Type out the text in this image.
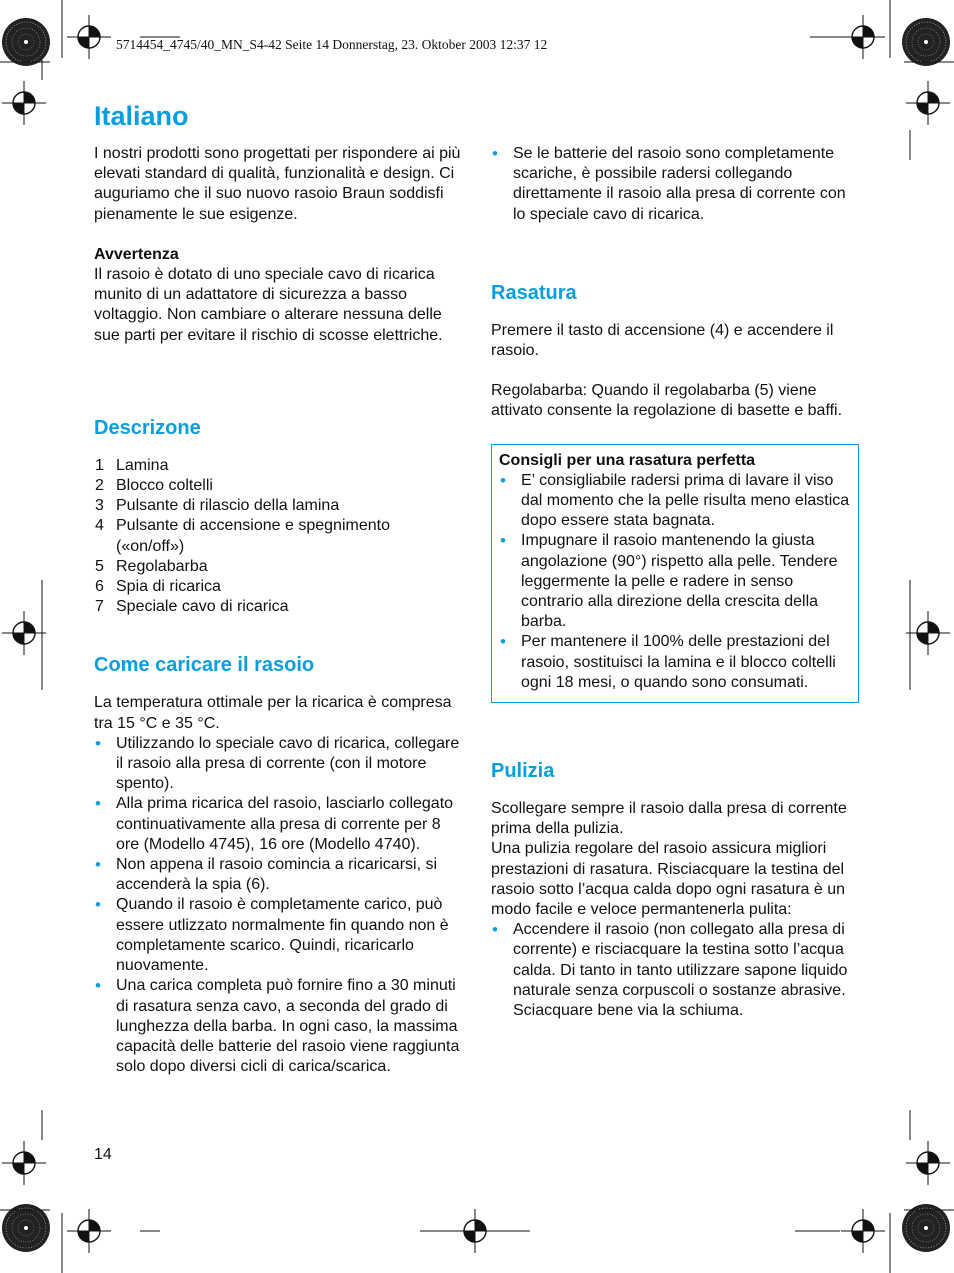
5714454_4745/40_MN_S4-42 Seite 14 Donnerstag, 23. Oktober 2003 12:37 12
Italiano

I nostri prodotti sono progettati per rispondere ai più elevati standard di qualità, funzionalità e design. Ci auguriamo che il suo nuovo rasoio Braun soddisfi pienamente le sue esigenze.

Avvertenza

Il rasoio è dotato di uno speciale cavo di ricarica munito di un adattatore di sicurezza a basso voltaggio. Non cambiare o alterare nessuna delle sue parti per evitare il rischio di scosse elettriche.

Descrizone
1 Lamina
2 Blocco coltelli
3 Pulsante di rilascio della lamina
4 Pulsante di accensione e spegnimento («on/off»)
5 Regolabarba
6 Spia di ricarica
7 Speciale cavo di ricarica
Come caricare il rasoio

La temperatura ottimale per la ricarica è compresa tra 15 °C e 35 °C.

• Utilizzando lo speciale cavo di ricarica, collegare il rasoio alla presa di corrente (con il motore spento).
• Alla prima ricarica del rasoio, lasciarlo collegato continuativamente alla presa di corrente per 8 ore (Modello 4745), 16 ore (Modello 4740).
• Non appena il rasoio comincia a ricaricarsi, si accenderà la spia (6).
• Quando il rasoio è completamente carico, può essere utlizzato normalmente fin quando non è completamente scarico. Quindi, ricaricarlo nuovamente.
• Una carica completa può fornire fino a 30 minuti di rasatura senza cavo, a seconda del grado di lunghezza della barba. In ogni caso, la massima capacità delle batterie del rasoio viene raggiunta solo dopo diversi cicli di carica/scarica.
• Se le batterie del rasoio sono completamente scariche, è possibile radersi collegando direttamente il rasoio alla presa di corrente con lo speciale cavo di ricarica.
Rasatura

Premere il tasto di accensione (4) e accendere il rasoio.

Regolabarba: Quando il regolabarba (5) viene attivato consente la regolazione di basette e baffi.

Consigli per una rasatura perfetta

• E’ consigliabile radersi prima di lavare il viso dal momento che la pelle risulta meno elastica dopo essere stata bagnata.
• Impugnare il rasoio mantenendo la giusta angolazione (90°) rispetto alla pelle. Tendere leggermente la pelle e radere in senso contrario alla direzione della crescita della barba.
• Per mantenere il 100% delle prestazioni del rasoio, sostituisci la lamina e il blocco coltelli ogni 18 mesi, o quando sono consumati.
Pulizia

Scollegare sempre il rasoio dalla presa di corrente prima della pulizia.

Una pulizia regolare del rasoio assicura migliori prestazioni di rasatura. Risciacquare la testina del rasoio sotto l’acqua calda dopo ogni rasatura è un modo facile e veloce permantenerla pulita:

• Accendere il rasoio (non collegato alla presa di corrente) e risciacquare la testina sotto l’acqua calda. Di tanto in tanto utilizzare sapone liquido naturale senza corpuscoli o sostanze abrasive. Sciacquare bene via la schiuma.
14
